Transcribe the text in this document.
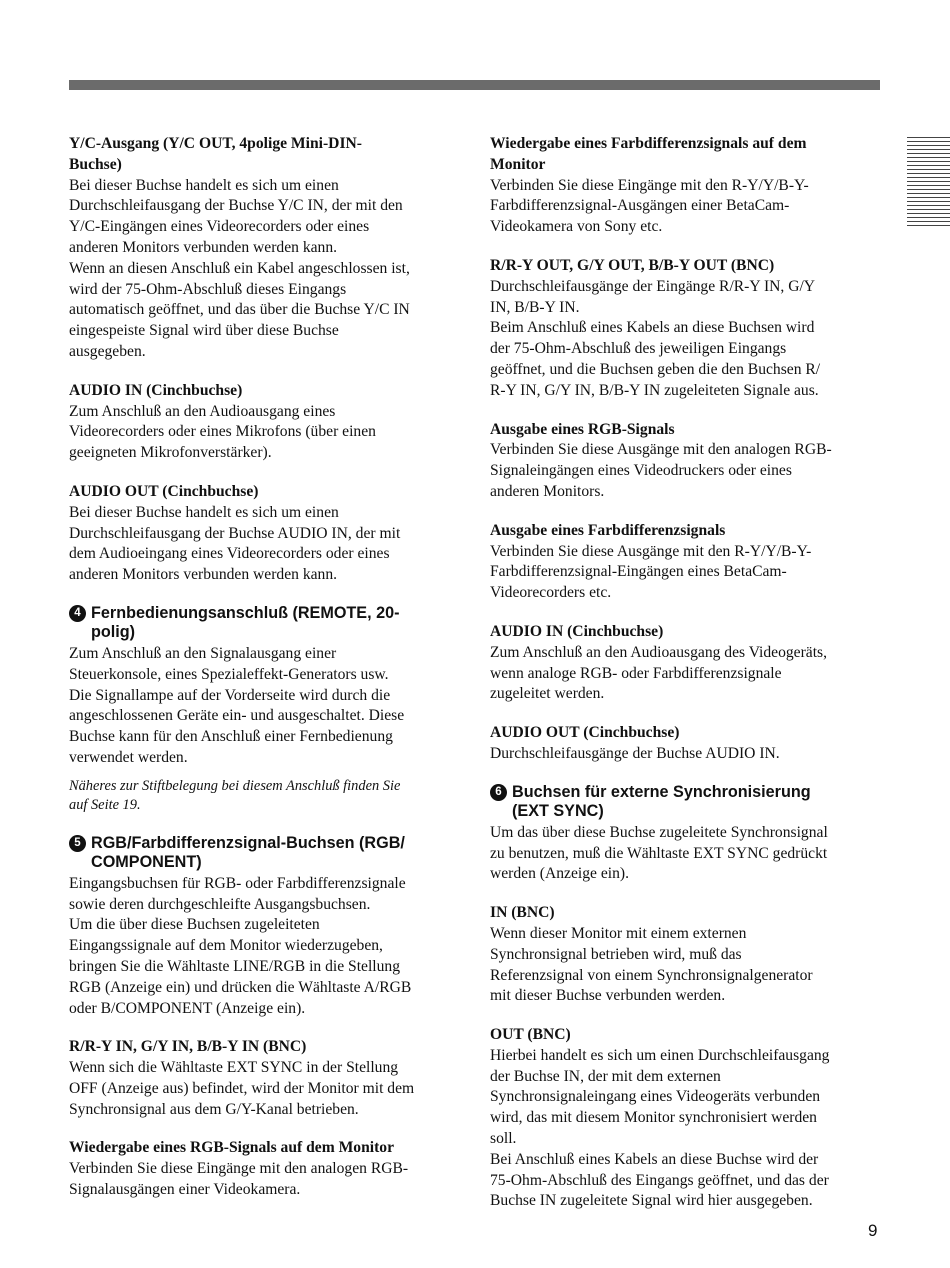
Y/C-Ausgang (Y/C OUT, 4polige Mini-DIN-
Buchse)
Bei dieser Buchse handelt es sich um einen
Durchschleifausgang der Buchse Y/C IN, der mit den
Y/C-Eingängen eines Videorecorders oder eines
anderen Monitors verbunden werden kann.
Wenn an diesen Anschluß ein Kabel angeschlossen ist,
wird der 75-Ohm-Abschluß dieses Eingangs
automatisch geöffnet, und das über die Buchse Y/C IN
eingespeiste Signal wird über diese Buchse
ausgegeben.
AUDIO IN (Cinchbuchse)
Zum Anschluß an den Audioausgang eines
Videorecorders oder eines Mikrofons (über einen
geeigneten Mikrofonverstärker).
AUDIO OUT (Cinchbuchse)
Bei dieser Buchse handelt es sich um einen
Durchschleifausgang der Buchse AUDIO IN, der mit
dem Audioeingang eines Videorecorders oder eines
anderen Monitors verbunden werden kann.
4 Fernbedienungsanschluß (REMOTE, 20-
polig)
Zum Anschluß an den Signalausgang einer
Steuerkonsole, eines Spezialeffekt-Generators usw.
Die Signallampe auf der Vorderseite wird durch die
angeschlossenen Geräte ein- und ausgeschaltet. Diese
Buchse kann für den Anschluß einer Fernbedienung
verwendet werden.
Näheres zur Stiftbelegung bei diesem Anschluß finden Sie
auf Seite 19.
5 RGB/Farbdifferenzsignal-Buchsen (RGB/
COMPONENT)
Eingangsbuchsen für RGB- oder Farbdifferenzsignale
sowie deren durchgeschleifte Ausgangsbuchsen.
Um die über diese Buchsen zugeleiteten
Eingangssignale auf dem Monitor wiederzugeben,
bringen Sie die Wähltaste LINE/RGB in die Stellung
RGB (Anzeige ein) und drücken die Wähltaste A/RGB
oder B/COMPONENT (Anzeige ein).
R/R-Y IN, G/Y IN, B/B-Y IN (BNC)
Wenn sich die Wähltaste EXT SYNC in der Stellung
OFF (Anzeige aus) befindet, wird der Monitor mit dem
Synchronsignal aus dem G/Y-Kanal betrieben.
Wiedergabe eines RGB-Signals auf dem Monitor
Verbinden Sie diese Eingänge mit den analogen RGB-
Signalausgängen einer Videokamera.
Wiedergabe eines Farbdifferenzsignals auf dem
Monitor
Verbinden Sie diese Eingänge mit den R-Y/Y/B-Y-
Farbdifferenzsignal-Ausgängen einer BetaCam-
Videokamera von Sony etc.
R/R-Y OUT, G/Y OUT, B/B-Y OUT (BNC)
Durchschleifausgänge der Eingänge R/R-Y IN, G/Y
IN, B/B-Y IN.
Beim Anschluß eines Kabels an diese Buchsen wird
der 75-Ohm-Abschluß des jeweiligen Eingangs
geöffnet, und die Buchsen geben die den Buchsen R/
R-Y IN, G/Y IN, B/B-Y IN zugeleiteten Signale aus.
Ausgabe eines RGB-Signals
Verbinden Sie diese Ausgänge mit den analogen RGB-
Signaleingängen eines Videodruckers oder eines
anderen Monitors.
Ausgabe eines Farbdifferenzsignals
Verbinden Sie diese Ausgänge mit den R-Y/Y/B-Y-
Farbdifferenzsignal-Eingängen eines BetaCam-
Videorecorders etc.
AUDIO IN (Cinchbuchse)
Zum Anschluß an den Audioausgang des Videogeräts,
wenn analoge RGB- oder Farbdifferenzsignale
zugeleitet werden.
AUDIO OUT (Cinchbuchse)
Durchschleifausgänge der Buchse AUDIO IN.
6 Buchsen für externe Synchronisierung
(EXT SYNC)
Um das über diese Buchse zugeleitete Synchronsignal
zu benutzen, muß die Wähltaste EXT SYNC gedrückt
werden (Anzeige ein).
IN (BNC)
Wenn dieser Monitor mit einem externen
Synchronsignal betrieben wird, muß das
Referenzsignal von einem Synchronsignalgenerator
mit dieser Buchse verbunden werden.
OUT (BNC)
Hierbei handelt es sich um einen Durchschleifausgang
der Buchse IN, der mit dem externen
Synchronsignaleingang eines Videogeräts verbunden
wird, das mit diesem Monitor synchronisiert werden
soll.
Bei Anschluß eines Kabels an diese Buchse wird der
75-Ohm-Abschluß des Eingangs geöffnet, und das der
Buchse IN zugeleitete Signal wird hier ausgegeben.
9
